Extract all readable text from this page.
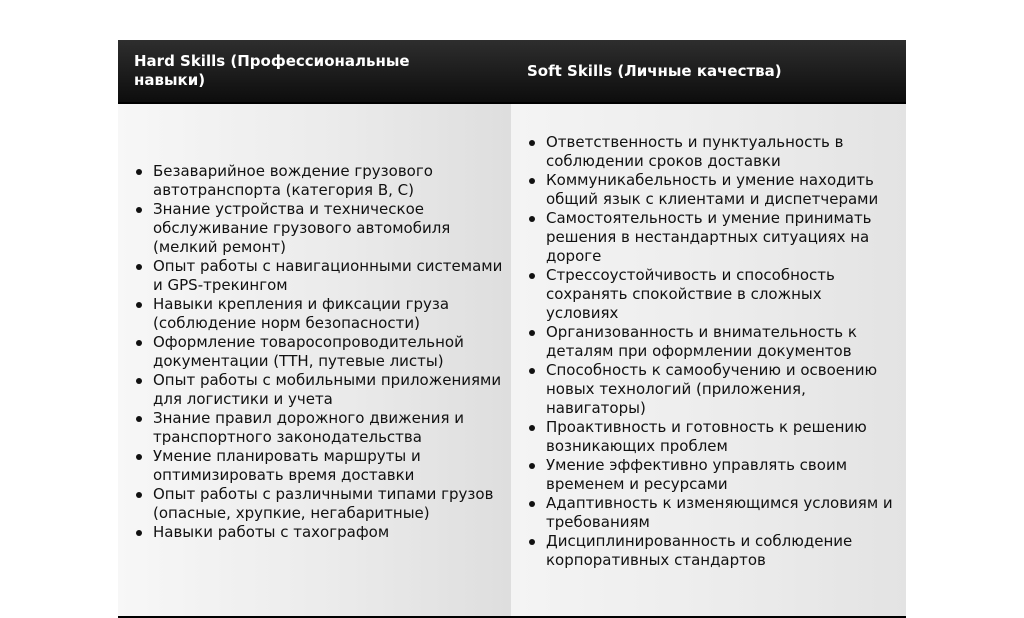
Hard Skills (Профессиональные навыки)
Soft Skills (Личные качества)
Безаварийное вождение грузового автотранспорта (категория B, C)
Знание устройства и техническое обслуживание грузового автомобиля (мелкий ремонт)
Опыт работы с навигационными системами и GPS-трекингом
Навыки крепления и фиксации груза (соблюдение норм безопасности)
Оформление товаросопроводительной документации (ТТН, путевые листы)
Опыт работы с мобильными приложениями для логистики и учета
Знание правил дорожного движения и транспортного законодательства
Умение планировать маршруты и оптимизировать время доставки
Опыт работы с различными типами грузов (опасные, хрупкие, негабаритные)
Навыки работы с тахографом
Ответственность и пунктуальность в соблюдении сроков доставки
Коммуникабельность и умение находить общий язык с клиентами и диспетчерами
Самостоятельность и умение принимать решения в нестандартных ситуациях на дороге
Стрессоустойчивость и способность сохранять спокойствие в сложных условиях
Организованность и внимательность к деталям при оформлении документов
Способность к самообучению и освоению новых технологий (приложения, навигаторы)
Проактивность и готовность к решению возникающих проблем
Умение эффективно управлять своим временем и ресурсами
Адаптивность к изменяющимся условиям и требованиям
Дисциплинированность и соблюдение корпоративных стандартов
